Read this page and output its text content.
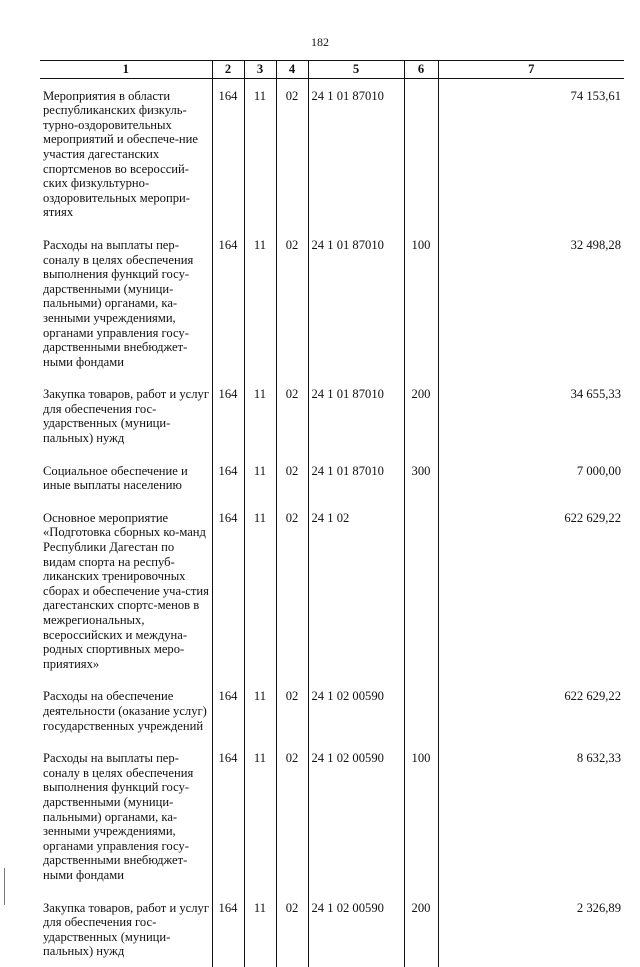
182
1	2	3	4	5	6	7
Мероприятия в области республиканских физкуль-турно-оздоровительных мероприятий и обеспече-ние участия дагестанских спортсменов во всероссий-ских физкультурно-оздоровительных меропри-ятиях	164	11	02	24 1 01 87010		74 153,61
Расходы на выплаты пер-соналу в целях обеспечения выполнения функций госу-дарственными (муници-пальными) органами, ка-зенными учреждениями, органами управления госу-дарственными внебюджет-ными фондами	164	11	02	24 1 01 87010	100	32 498,28
Закупка товаров, работ и услуг для обеспечения гос-ударственных (муници-пальных) нужд	164	11	02	24 1 01 87010	200	34 655,33
Социальное обеспечение и иные выплаты населению	164	11	02	24 1 01 87010	300	7 000,00
Основное мероприятие «Подготовка сборных ко-манд Республики Дагестан по видам спорта на респуб-ликанских тренировочных сборах и обеспечение уча-стия дагестанских спортс-менов в межрегиональных, всероссийских и междуна-родных спортивных меро-приятиях»	164	11	02	24 1 02		622 629,22
Расходы на обеспечение деятельности (оказание услуг) государственных учреждений	164	11	02	24 1 02 00590		622 629,22
Расходы на выплаты пер-соналу в целях обеспечения выполнения функций госу-дарственными (муници-пальными) органами, ка-зенными учреждениями, органами управления госу-дарственными внебюджет-ными фондами	164	11	02	24 1 02 00590	100	8 632,33
Закупка товаров, работ и услуг для обеспечения гос-ударственных (муници-пальных) нужд	164	11	02	24 1 02 00590	200	2 326,89
